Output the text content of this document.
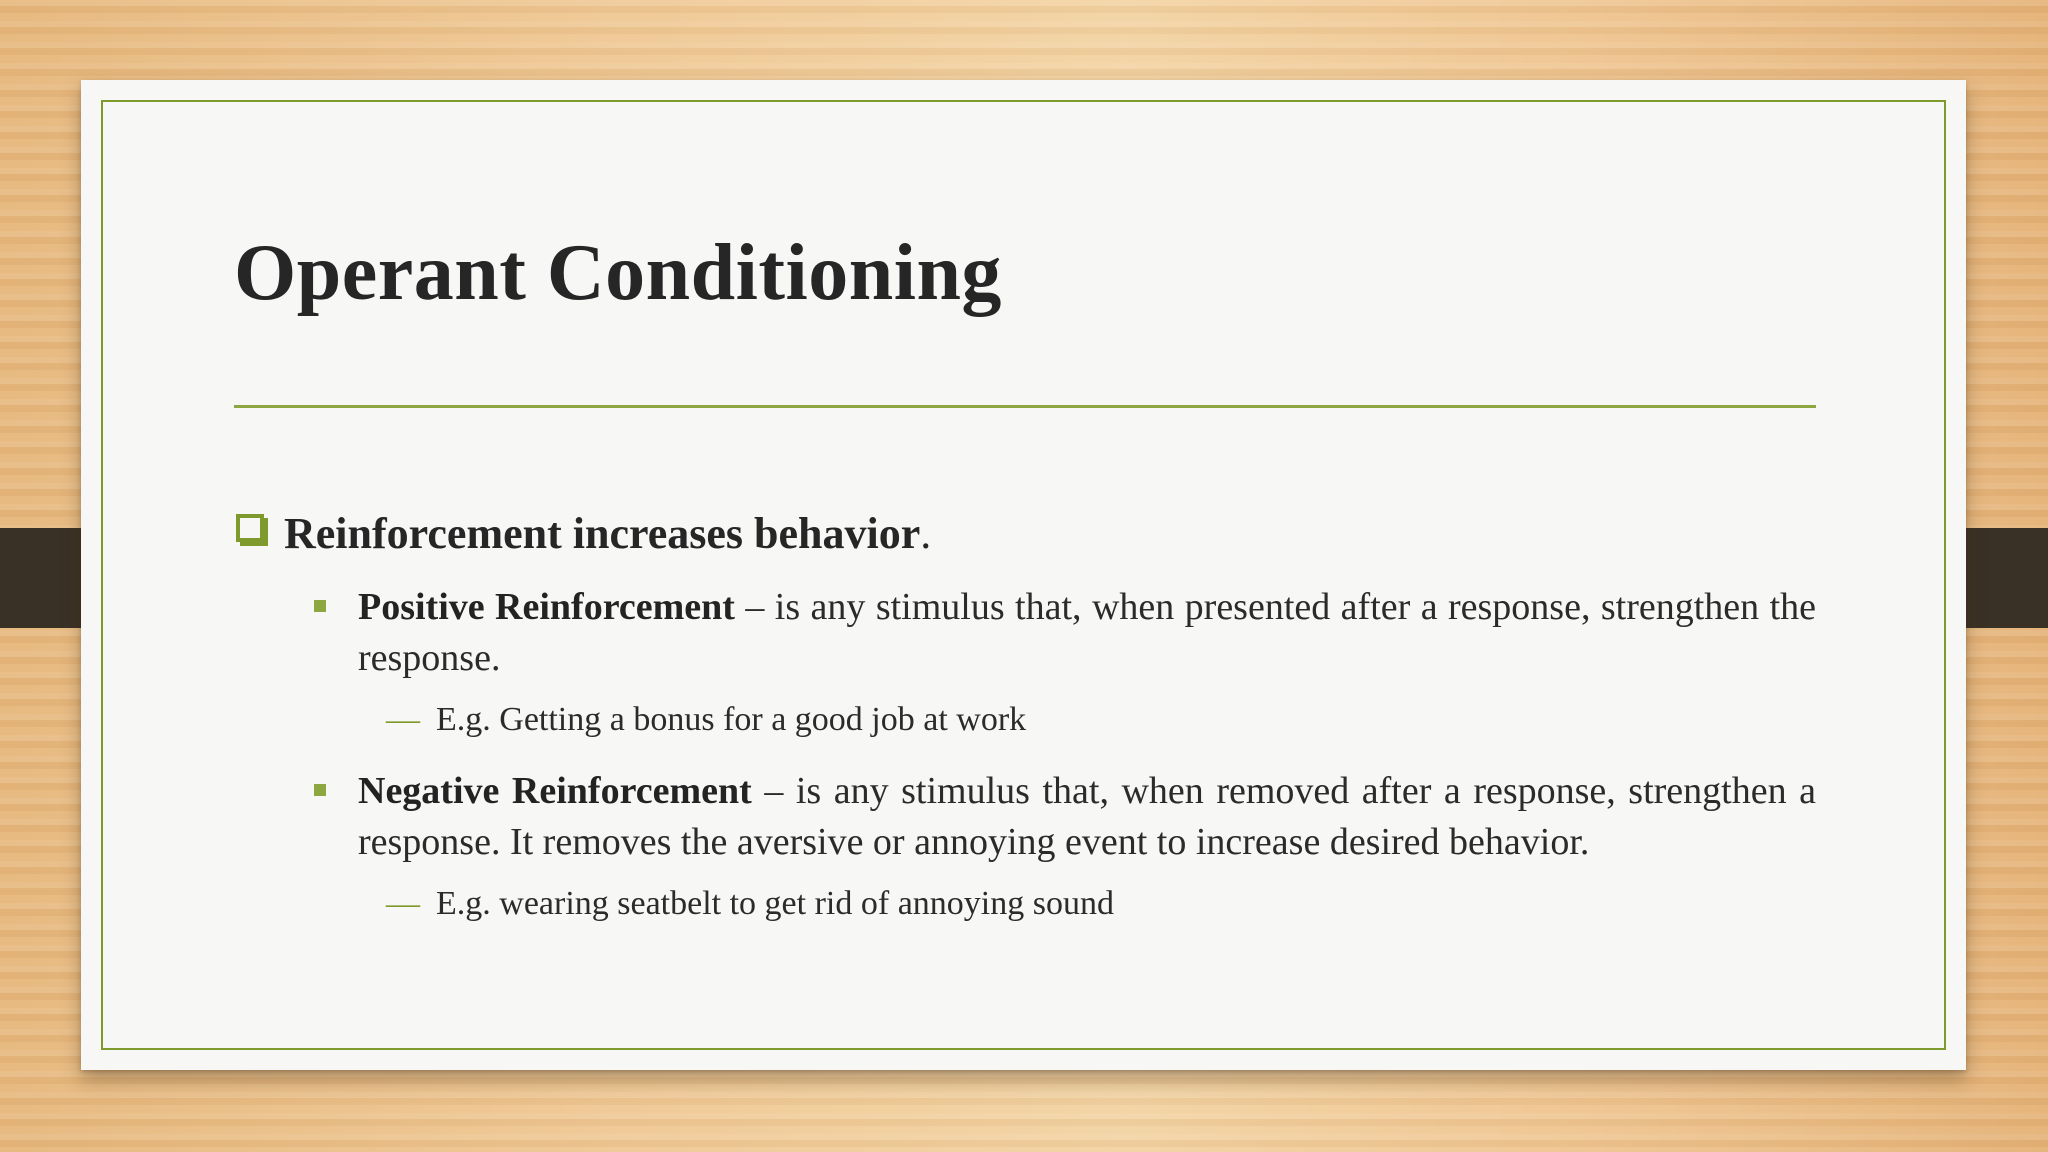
Operant Conditioning
Reinforcement increases behavior.
Positive Reinforcement – is any stimulus that, when presented after a response, strengthen the response.
— E.g. Getting a bonus for a good job at work
Negative Reinforcement – is any stimulus that, when removed after a response, strengthen a response. It removes the aversive or annoying event to increase desired behavior.
— E.g. wearing seatbelt to get rid of annoying sound
